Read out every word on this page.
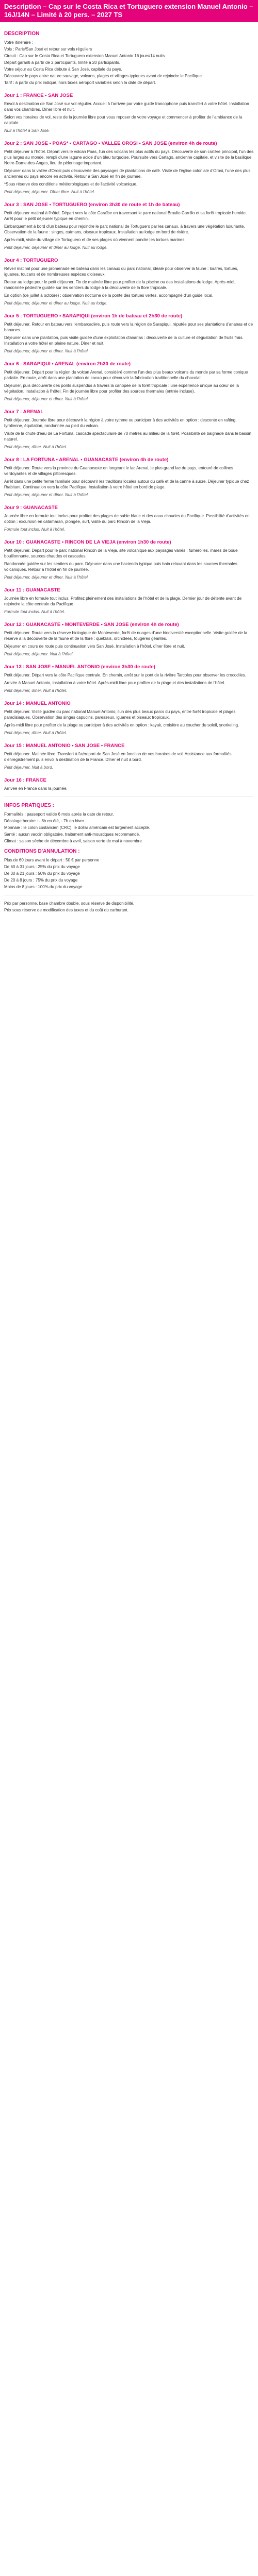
Description – Cap sur le Costa Rica et Tortuguero extension Manuel Antonio – 16J/14N – Limité à 20 pers. – 2027 TS
DESCRIPTION

Votre itinéraire :

Vols : Paris/San José et retour sur vols réguliers

Circuit : Cap sur le Costa Rica et Tortuguero extension Manuel Antonio 16 jours/14 nuits

Départ garanti à partir de 2 participants, limité à 20 participants.

Votre séjour au Costa Rica débute à San José, capitale du pays.

Découvrez le pays entre nature sauvage, volcans, plages et villages typiques avant de rejoindre le Pacifique.

Tarif : à partir du prix indiqué, hors taxes aéroport variables selon la date de départ.

Jour 1 : FRANCE • SAN JOSE

Envol à destination de San José sur vol régulier. Accueil à l'arrivée par votre guide francophone puis transfert à votre hôtel. Installation dans vos chambres. Dîner libre et nuit.

Selon vos horaires de vol, reste de la journée libre pour vous reposer de votre voyage et commencer à profiter de l'ambiance de la capitale.

Nuit à l'hôtel à San José.

Jour 2 : SAN JOSE • POAS* • CARTAGO • VALLEE OROSI • SAN JOSE (environ 4h de route)

Petit déjeuner à l'hôtel. Départ vers le volcan Poas, l'un des volcans les plus actifs du pays. Découverte de son cratère principal, l'un des plus larges au monde, rempli d'une lagune acide d'un bleu turquoise. Poursuite vers Cartago, ancienne capitale, et visite de la basilique Notre-Dame-des-Anges, lieu de pèlerinage important.

Déjeuner dans la vallée d'Orosi puis découverte des paysages de plantations de café. Visite de l'église coloniale d'Orosi, l'une des plus anciennes du pays encore en activité. Retour à San José en fin de journée.

*Sous réserve des conditions météorologiques et de l'activité volcanique.

Petit déjeuner, déjeuner. Dîner libre. Nuit à l'hôtel.

Jour 3 : SAN JOSE • TORTUGUERO (environ 3h30 de route et 1h de bateau)

Petit déjeuner matinal à l'hôtel. Départ vers la côte Caraïbe en traversant le parc national Braulio Carrillo et sa forêt tropicale humide. Arrêt pour le petit déjeuner typique en chemin.

Embarquement à bord d'un bateau pour rejoindre le parc national de Tortuguero par les canaux, à travers une végétation luxuriante. Observation de la faune : singes, caïmans, oiseaux tropicaux. Installation au lodge en bord de rivière.

Après-midi, visite du village de Tortuguero et de ses plages où viennent pondre les tortues marines.

Petit déjeuner, déjeuner et dîner au lodge. Nuit au lodge.

Jour 4 : TORTUGUERO

Réveil matinal pour une promenade en bateau dans les canaux du parc national, idéale pour observer la faune : loutres, tortues, iguanes, toucans et de nombreuses espèces d'oiseaux.

Retour au lodge pour le petit déjeuner. Fin de matinée libre pour profiter de la piscine ou des installations du lodge. Après-midi, randonnée pédestre guidée sur les sentiers du lodge à la découverte de la flore tropicale.

En option (de juillet à octobre) : observation nocturne de la ponte des tortues vertes, accompagné d'un guide local.

Petit déjeuner, déjeuner et dîner au lodge. Nuit au lodge.

Jour 5 : TORTUGUERO • SARAPIQUI (environ 1h de bateau et 2h30 de route)

Petit déjeuner. Retour en bateau vers l'embarcadère, puis route vers la région de Sarapiqui, réputée pour ses plantations d'ananas et de bananes.

Déjeuner dans une plantation, puis visite guidée d'une exploitation d'ananas : découverte de la culture et dégustation de fruits frais. Installation à votre hôtel en pleine nature. Dîner et nuit.

Petit déjeuner, déjeuner et dîner. Nuit à l'hôtel.

Jour 6 : SARAPIQUI • ARENAL (environ 2h30 de route)

Petit déjeuner. Départ pour la région du volcan Arenal, considéré comme l'un des plus beaux volcans du monde par sa forme conique parfaite. En route, arrêt dans une plantation de cacao pour découvrir la fabrication traditionnelle du chocolat.

Déjeuner, puis découverte des ponts suspendus à travers la canopée de la forêt tropicale : une expérience unique au cœur de la végétation. Installation à l'hôtel. Fin de journée libre pour profiter des sources thermales (entrée incluse).

Petit déjeuner, déjeuner et dîner. Nuit à l'hôtel.

Jour 7 : ARENAL

Petit déjeuner. Journée libre pour découvrir la région à votre rythme ou participer à des activités en option : descente en rafting, tyrolienne, équitation, randonnée au pied du volcan.

Visite de la chute d'eau de La Fortuna, cascade spectaculaire de 70 mètres au milieu de la forêt. Possibilité de baignade dans le bassin naturel.

Petit déjeuner, dîner. Nuit à l'hôtel.

Jour 8 : LA FORTUNA • ARENAL • GUANACASTE (environ 4h de route)

Petit déjeuner. Route vers la province du Guanacaste en longeant le lac Arenal, le plus grand lac du pays, entouré de collines verdoyantes et de villages pittoresques.

Arrêt dans une petite ferme familiale pour découvrir les traditions locales autour du café et de la canne à sucre. Déjeuner typique chez l'habitant. Continuation vers la côte Pacifique. Installation à votre hôtel en bord de plage.

Petit déjeuner, déjeuner et dîner. Nuit à l'hôtel.

Jour 9 : GUANACASTE

Journée libre en formule tout inclus pour profiter des plages de sable blanc et des eaux chaudes du Pacifique. Possibilité d'activités en option : excursion en catamaran, plongée, surf, visite du parc Rincón de la Vieja.

Formule tout inclus. Nuit à l'hôtel.

Jour 10 : GUANACASTE • RINCON DE LA VIEJA (environ 1h30 de route)

Petit déjeuner. Départ pour le parc national Rincón de la Vieja, site volcanique aux paysages variés : fumerolles, mares de boue bouillonnante, sources chaudes et cascades.

Randonnée guidée sur les sentiers du parc. Déjeuner dans une hacienda typique puis bain relaxant dans les sources thermales volcaniques. Retour à l'hôtel en fin de journée.

Petit déjeuner, déjeuner et dîner. Nuit à l'hôtel.

Jour 11 : GUANACASTE

Journée libre en formule tout inclus. Profitez pleinement des installations de l'hôtel et de la plage. Dernier jour de détente avant de rejoindre la côte centrale du Pacifique.

Formule tout inclus. Nuit à l'hôtel.

Jour 12 : GUANACASTE • MONTEVERDE • SAN JOSE (environ 4h de route)

Petit déjeuner. Route vers la réserve biologique de Monteverde, forêt de nuages d'une biodiversité exceptionnelle. Visite guidée de la réserve à la découverte de la faune et de la flore : quetzals, orchidées, fougères géantes.

Déjeuner en cours de route puis continuation vers San José. Installation à l'hôtel, dîner libre et nuit.

Petit déjeuner, déjeuner. Nuit à l'hôtel.

Jour 13 : SAN JOSE • MANUEL ANTONIO (environ 3h30 de route)

Petit déjeuner. Départ vers la côte Pacifique centrale. En chemin, arrêt sur le pont de la rivière Tarcoles pour observer les crocodiles.

Arrivée à Manuel Antonio, installation à votre hôtel. Après-midi libre pour profiter de la plage et des installations de l'hôtel.

Petit déjeuner, dîner. Nuit à l'hôtel.

Jour 14 : MANUEL ANTONIO

Petit déjeuner. Visite guidée du parc national Manuel Antonio, l'un des plus beaux parcs du pays, entre forêt tropicale et plages paradisiaques. Observation des singes capucins, paresseux, iguanes et oiseaux tropicaux.

Après-midi libre pour profiter de la plage ou participer à des activités en option : kayak, croisière au coucher du soleil, snorkeling.

Petit déjeuner, dîner. Nuit à l'hôtel.

Jour 15 : MANUEL ANTONIO • SAN JOSE • FRANCE

Petit déjeuner. Matinée libre. Transfert à l'aéroport de San José en fonction de vos horaires de vol. Assistance aux formalités d'enregistrement puis envol à destination de la France. Dîner et nuit à bord.

Petit déjeuner. Nuit à bord.

Jour 16 : FRANCE

Arrivée en France dans la journée.

INFOS PRATIQUES :

Formalités : passeport valide 6 mois après la date de retour.

Décalage horaire : - 8h en été, - 7h en hiver.

Monnaie : le colon costaricien (CRC), le dollar américain est largement accepté.

Santé : aucun vaccin obligatoire, traitement anti-moustiques recommandé.

Climat : saison sèche de décembre à avril, saison verte de mai à novembre.

CONDITIONS D'ANNULATION :

Plus de 60 jours avant le départ : 50 € par personne

De 60 à 31 jours : 25% du prix du voyage

De 30 à 21 jours : 50% du prix du voyage

De 20 à 8 jours : 75% du prix du voyage

Moins de 8 jours : 100% du prix du voyage

Prix par personne, base chambre double, sous réserve de disponibilité.

Prix sous réserve de modification des taxes et du coût du carburant.
